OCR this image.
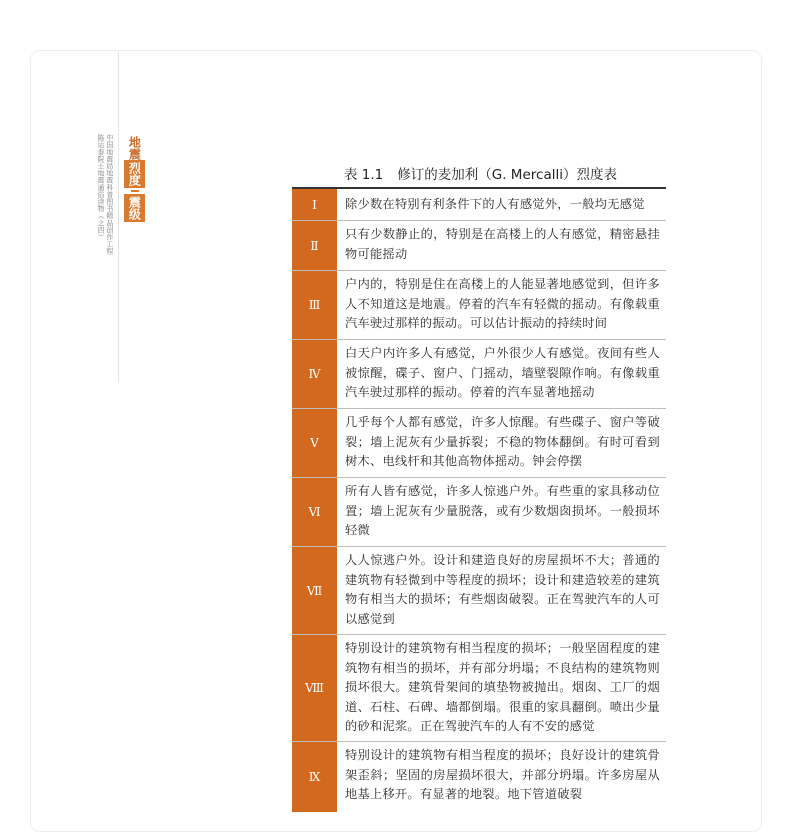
陈运泰院士地震通俗读物（之四） 中国地震局地震科普图书精品创作工程 地震
烈度
震级
表 1.1 修订的麦加利（G. Mercalli）烈度表
Ⅰ	除少数在特别有利条件下的人有感觉外，一般均无感觉
Ⅱ
只有少数静止的，特别是在高楼上的人有感觉，精密悬挂物可能摇动
Ⅲ
户内的，特别是住在高楼上的人能显著地感觉到，但许多人不知道这是地震。停着的汽车有轻微的摇动。有像载重汽车驶过那样的振动。可以估计振动的持续时间
Ⅳ
白天户内许多人有感觉，户外很少人有感觉。夜间有些人被惊醒，碟子、窗户、门摇动，墙壁裂隙作响。有像载重汽车驶过那样的振动。停着的汽车显著地摇动
Ⅴ
几乎每个人都有感觉，许多人惊醒。有些碟子、窗户等破裂；墙上泥灰有少量拆裂；不稳的物体翻倒。有时可看到树木、电线杆和其他高物体摇动。钟会停摆
Ⅵ
所有人皆有感觉，许多人惊逃户外。有些重的家具移动位置；墙上泥灰有少量脱落，或有少数烟囱损坏。一般损坏轻微
Ⅶ
人人惊逃户外。设计和建造良好的房屋损坏不大；普通的建筑物有轻微到中等程度的损坏；设计和建造较差的建筑物有相当大的损坏；有些烟囱破裂。正在驾驶汽车的人可以感觉到
Ⅷ
特别设计的建筑物有相当程度的损坏；一般坚固程度的建筑物有相当的损坏，并有部分坍塌；不良结构的建筑物则损坏很大。建筑骨架间的填垫物被抛出。烟囱、工厂的烟道、石柱、石碑、墙都倒塌。很重的家具翻倒。喷出少量的砂和泥浆。正在驾驶汽车的人有不安的感觉
Ⅸ
特别设计的建筑物有相当程度的损坏；良好设计的建筑骨架歪斜；坚固的房屋损坏很大，并部分坍塌。许多房屋从地基上移开。有显著的地裂。地下管道破裂
